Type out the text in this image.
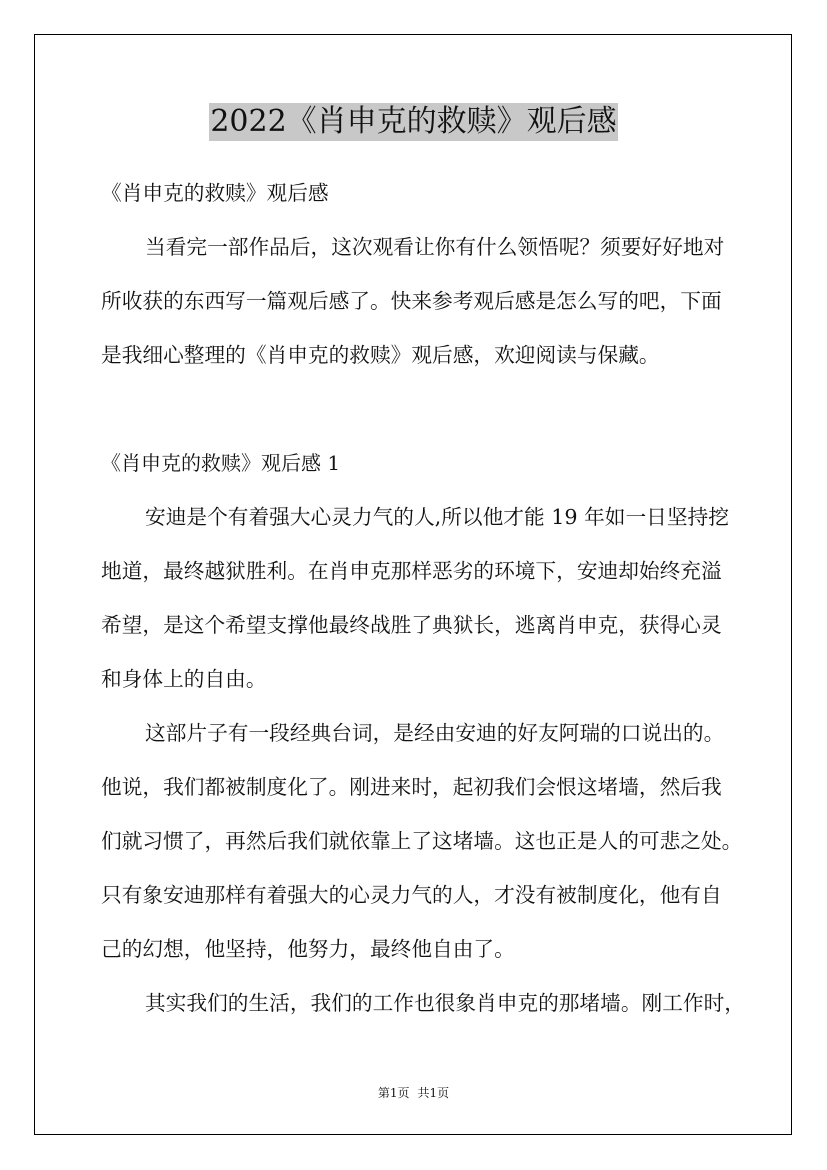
2022《肖申克的救赎》观后感
《肖申克的救赎》观后感
当看完一部作品后，这次观看让你有什么领悟呢？须要好好地对
所收获的东西写一篇观后感了。快来参考观后感是怎么写的吧，下面
是我细心整理的《肖申克的救赎》观后感，欢迎阅读与保藏。
《肖申克的救赎》观后感 1
安迪是个有着强大心灵力气的人,所以他才能 19 年如一日坚持挖
地道，最终越狱胜利。在肖申克那样恶劣的环境下，安迪却始终充溢
希望，是这个希望支撑他最终战胜了典狱长，逃离肖申克，获得心灵
和身体上的自由。
这部片子有一段经典台词，是经由安迪的好友阿瑞的口说出的。
他说，我们都被制度化了。刚进来时，起初我们会恨这堵墙，然后我
们就习惯了，再然后我们就依靠上了这堵墙。这也正是人的可悲之处。
只有象安迪那样有着强大的心灵力气的人，才没有被制度化，他有自
己的幻想，他坚持，他努力，最终他自由了。
其实我们的生活，我们的工作也很象肖申克的那堵墙。刚工作时，
第1页 共1页
